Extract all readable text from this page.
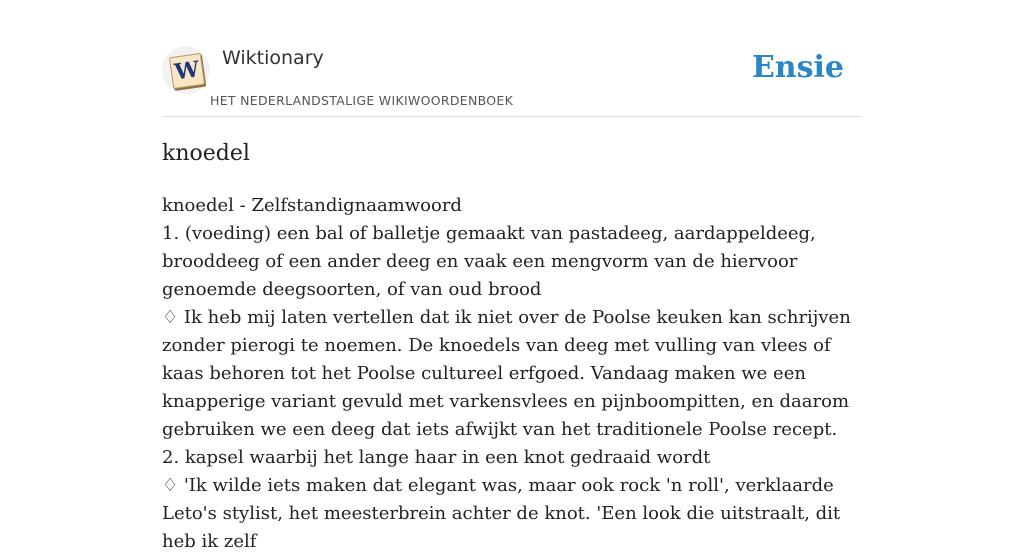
W Wiktionary
HET NEDERLANDSTALIGE WIKIWOORDENBOEK
Ensie
knoedel

knoedel - Zelfstandignaamwoord

1. (voeding) een bal of balletje gemaakt van pastadeeg, aardappeldeeg, brooddeeg of een ander deeg en vaak een mengvorm van de hiervoor genoemde deegsoorten, of van oud brood

♢ Ik heb mij laten vertellen dat ik niet over de Poolse keuken kan schrijven zonder pierogi te noemen. De knoedels van deeg met vulling van vlees of kaas behoren tot het Poolse cultureel erfgoed. Vandaag maken we een knapperige variant gevuld met varkensvlees en pijnboompitten, en daarom gebruiken we een deeg dat iets afwijkt van het traditionele Poolse recept.

2. kapsel waarbij het lange haar in een knot gedraaid wordt

♢ 'Ik wilde iets maken dat elegant was, maar ook rock 'n roll', verklaarde Leto's stylist, het meesterbrein achter de knot. 'Een look die uitstraalt, dit heb ik zelf
